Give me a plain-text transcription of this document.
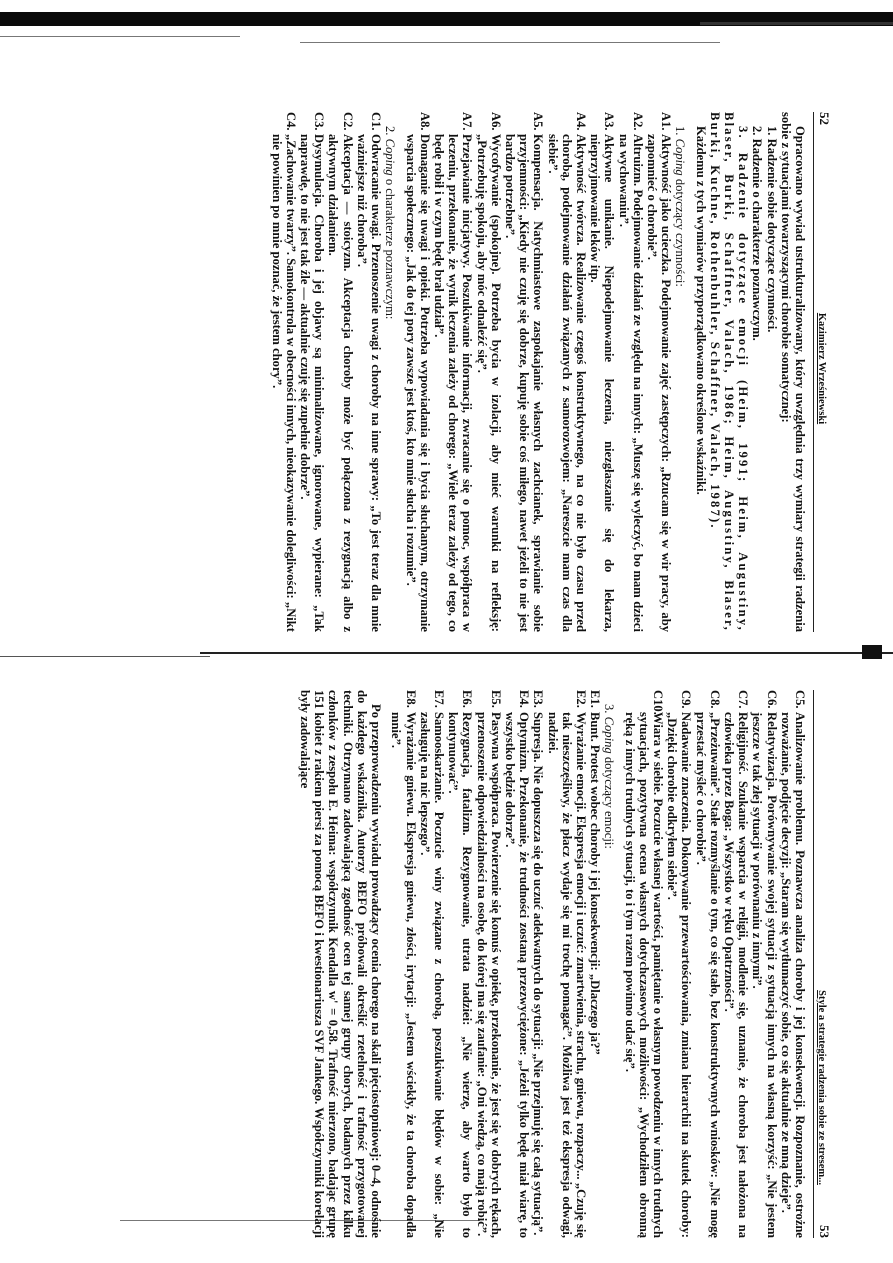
52
Kazimierz Wrześniewski

Opracowano wywiad ustrukturalizowany, który uwzględnia trzy wymiary strategii radzenia sobie z sytuacjami towarzyszącymi chorobie somatycznej:

1. Radzenie sobie dotyczące czynności.

2. Radzenie o charakterze poznawczym.

3. Radzenie dotyczące emocji (Heim, 1991; Heim, Augustiny, Blaser, Burki, Schaffner, Valach, 1986; Heim, Augustiny, Blaser, Burki, Kuchne, Rothenbuhler, Schaffner, Valach, 1987).

Każdemu z tych wymiarów przyporządkowano określone wskaźniki.

1. Coping dotyczący czynności:

A1.Aktywność jako ucieczka. Podejmowanie zajęć zastępczych: „Rzucam się w wir pracy, aby zapomnieć o chorobie”.
A2.Altruizm. Podejmowanie działań ze względu na innych: „Muszę się wyleczyć, bo mam dzieci na wychowaniu”.
A3.Aktywne unikanie. Niepodejmowanie leczenia, niezgłaszanie się do lekarza, nieprzyjmowanie leków itp.
A4.Aktywność twórcza. Realizowanie czegoś konstruktywnego, na co nie było czasu przed chorobą, podejmowanie działań związanych z samorozwojem: „Nareszcie mam czas dla siebie”.
A5.Kompensacja. Natychmiastowe zaspokajanie własnych zachcianek, sprawianie sobie przyjemności: „Kiedy nie czuję się dobrze, kupuję sobie coś miłego, nawet jeżeli to nie jest bardzo potrzebne”.
A6.Wycofywanie (spokojne). Potrzeba bycia w izolacji, aby mieć warunki na refleksję: „Potrzebuję spokoju, aby móc odnaleźć się”.
A7.Przejawianie inicjatywy. Poszukiwanie informacji, zwracanie się o pomoc, współpraca w leczeniu, przekonanie, że wynik leczenia zależy od chorego: „Wiele teraz zależy od tego, co będę robił i w czym będę brał udział”.
A8.Domaganie się uwagi i opieki. Potrzeba wypowiadania się i bycia słuchanym, otrzymanie wsparcia społecznego: „Jak do tej pory zawsze jest ktoś, kto mnie słucha i rozumie”.

2. Coping o charakterze poznawczym:

C1.Odwracanie uwagi. Przenoszenie uwagi z choroby na inne sprawy: „To jest teraz dla mnie ważniejsze niż choroba”.
C2.Akceptacja — stoicyzm. Akceptacja choroby może być połączona z rezygnacją albo z aktywnym działaniem.
C3.Dysymulacja. Choroba i jej objawy są minimalizowane, ignorowane, wypierane: „Tak naprawdę, to nie jest tak źle — aktualnie czuję się zupełnie dobrze”.
C4.„Zachowanie twarzy”. Samokontrola w obecności innych, nieokazywanie dolegliwości: „Nikt nie powinien po mnie poznać, że jestem chory”.
Style a strategie radzenia sobie ze stresem...
53
C5.Analizowanie problemu. Poznawcza analiza choroby i jej konsekwencji. Rozpoznanie, ostrożne rozważanie, podjęcie decyzji: „Staram się wytłumaczyć sobie, co się aktualnie ze mną dzieje”.
C6.Relatywizacja. Porównywanie swojej sytuacji z sytuacją innych na własną korzyść: „Nie jestem jeszcze w tak złej sytuacji w porównaniu z innymi”.
C7.Religijność. Szukanie wsparcia w religii, modlenie się, uznanie, że choroba jest nałożona na człowieka przez Boga: „Wszystko w ręku Opatrzności”.
C8.„Przeżuwanie”. Stałe rozmyślanie o tym, co się stało, bez konstruktywnych wniosków: „Nie mogę przestać myśleć o chorobie”.
C9.Nadawanie znaczenia. Dokonywanie przewartościowania, zmiana hierarchii na skutek choroby: „Dzięki chorobie odkryłem siebie”.
C10.Wiara w siebie. Poczucie własnej wartości, pamiętanie o własnym powodzeniu w innych trudnych sytuacjach, pozytywna ocena własnych dotychczasowych możliwości: „Wychodziłem obronną ręką z innych trudnych sytuacji, to i tym razem powinno udać się”.

3. Coping dotyczący emocji:

E1.Bunt. Protest wobec choroby i jej konsekwencji: „Dlaczego ja?”
E2.Wyrażanie emocji. Ekspresja emocji i uczuć: zmartwienia, strachu, gniewu, rozpaczy... „Czuję się tak nieszczęśliwy, że płacz wydaje się mi trochę pomagać”. Możliwa jest też ekspresja odwagi, nadziei.
E3.Supresja. Nie dopuszcza się do uczuć adekwatnych do sytuacji: „Nie przejmuję się całą sytuacją”.
E4.Optymizm. Przekonanie, że trudności zostaną przezwyciężone: „Jeżeli tylko będę miał wiarę, to wszystko będzie dobrze”.
E5.Pasywna współpraca. Powierzenie się komuś w opiekę, przekonanie, że jest się w dobrych rękach, przenoszenie odpowiedzialności na osobę, do której ma się zaufanie: „Oni wiedzą, co mają robić”.
E6.Rezygnacja, fatalizm. Rezygnowanie, utrata nadziei: „Nie wierzę, aby warto było to kontynuować”.
E7.Samooskarżanie. Poczucie winy związane z chorobą, poszukiwanie błędów w sobie: „Nie zasługuję na nic lepszego”.
E8.Wyrażanie gniewu. Ekspresja gniewu, złości, irytacji: „Jestem wściekły, że ta choroba dopadła mnie”.

Po przeprowadzeniu wywiadu prowadzący ocenia chorego na skali pięciostopniowej: 0–4, odnośnie do każdego wskaźnika. Autorzy BEFO próbowali określić rzetelność i trafność przygotowanej techniki. Otrzymano zadowalającą zgodność ocen tej samej grupy chorych, badanych przez kilku członków z zespołu E. Heima: współczynnik Kendalla w' = 0,58. Trafność mierzono, badając grupę 151 kobiet z rakiem piersi za pomocą BEFO i kwestionariusza SVF Jankego. Współczynniki korelacji były zadowalające
